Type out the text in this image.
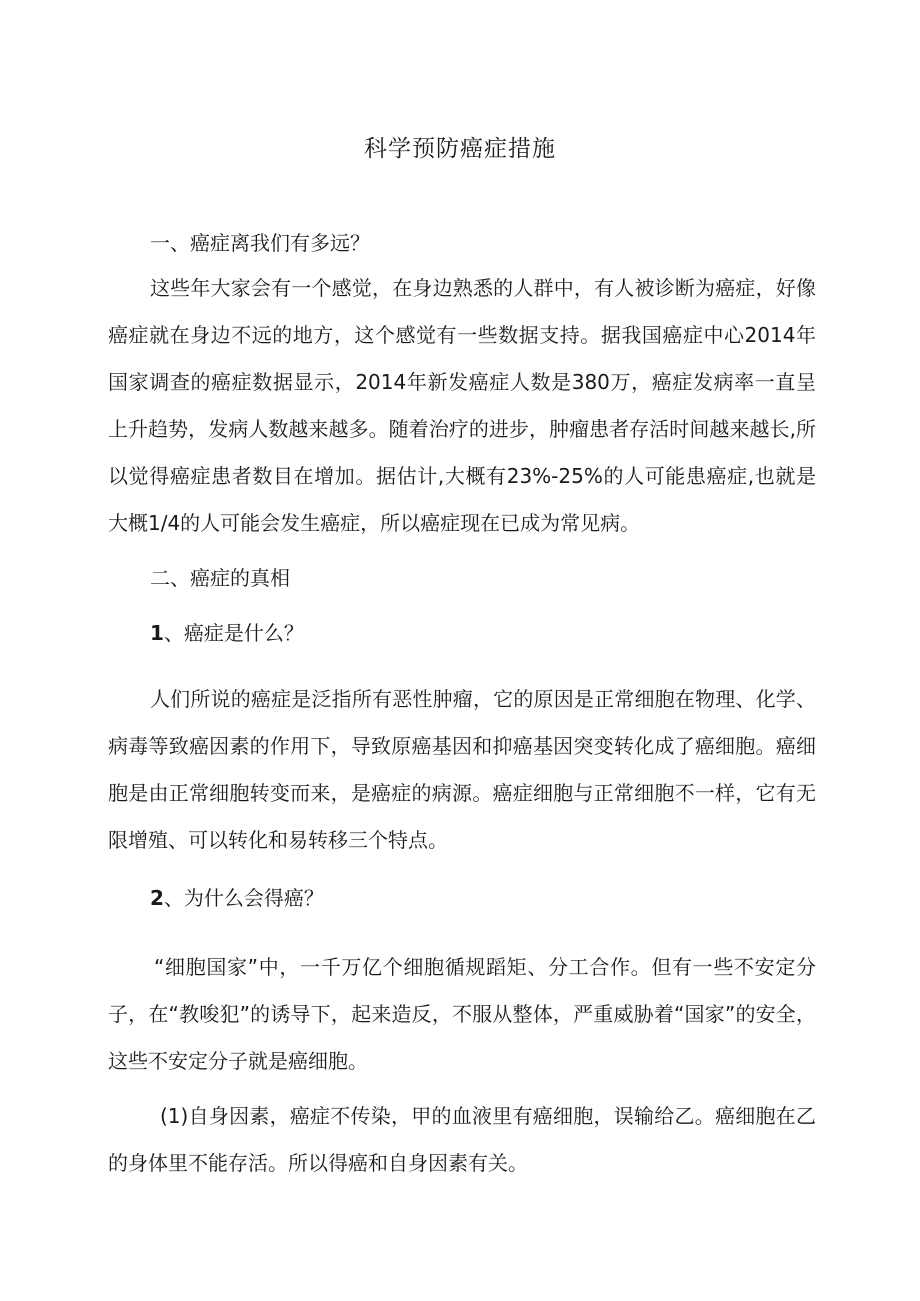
科学预防癌症措施
一、癌症离我们有多远？

这些年大家会有一个感觉，在身边熟悉的人群中，有人被诊断为癌症，好像癌症就在身边不远的地方，这个感觉有一些数据支持。据我国癌症中心2014年国家调查的癌症数据显示，2014年新发癌症人数是380万，癌症发病率一直呈上升趋势，发病人数越来越多。随着治疗的进步，肿瘤患者存活时间越来越长,所以觉得癌症患者数目在增加。据估计,大概有23%-25%的人可能患癌症,也就是大概1/4的人可能会发生癌症，所以癌症现在已成为常见病。

二、癌症的真相
1、癌症是什么？

人们所说的癌症是泛指所有恶性肿瘤，它的原因是正常细胞在物理、化学、病毒等致癌因素的作用下，导致原癌基因和抑癌基因突变转化成了癌细胞。癌细胞是由正常细胞转变而来，是癌症的病源。癌症细胞与正常细胞不一样，它有无限增殖、可以转化和易转移三个特点。

2、为什么会得癌？

“细胞国家”中，一千万亿个细胞循规蹈矩、分工合作。但有一些不安定分子，在“教唆犯”的诱导下，起来造反，不服从整体，严重威胁着“国家”的安全，这些不安定分子就是癌细胞。

(1)自身因素，癌症不传染，甲的血液里有癌细胞，误输给乙。癌细胞在乙的身体里不能存活。所以得癌和自身因素有关。
